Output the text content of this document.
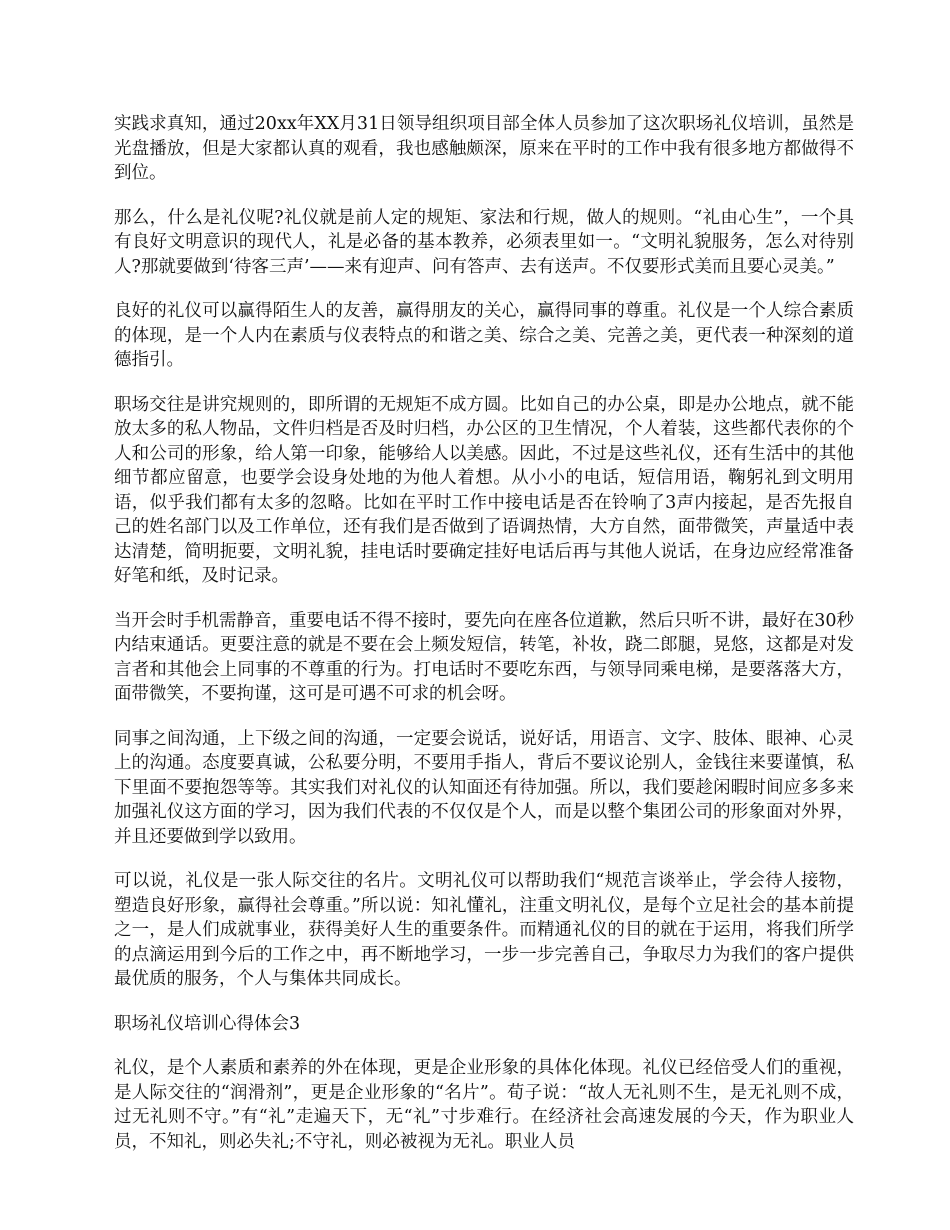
实践求真知，通过20xx年XX月31日领导组织项目部全体人员参加了这次职场礼仪培训，虽然是光盘播放，但是大家都认真的观看，我也感触颇深，原来在平时的工作中我有很多地方都做得不到位。

那么，什么是礼仪呢?礼仪就是前人定的规矩、家法和行规，做人的规则。“礼由心生”，一个具有良好文明意识的现代人，礼是必备的基本教养，必须表里如一。“文明礼貌服务，怎么对待别人?那就要做到‘待客三声’——来有迎声、问有答声、去有送声。不仅要形式美而且要心灵美。”

良好的礼仪可以赢得陌生人的友善，赢得朋友的关心，赢得同事的尊重。礼仪是一个人综合素质的体现，是一个人内在素质与仪表特点的和谐之美、综合之美、完善之美，更代表一种深刻的道德指引。

职场交往是讲究规则的，即所谓的无规矩不成方圆。比如自己的办公桌，即是办公地点，就不能放太多的私人物品，文件归档是否及时归档，办公区的卫生情况，个人着装，这些都代表你的个人和公司的形象，给人第一印象，能够给人以美感。因此，不过是这些礼仪，还有生活中的其他细节都应留意，也要学会设身处地的为他人着想。从小小的电话，短信用语，鞠躬礼到文明用语，似乎我们都有太多的忽略。比如在平时工作中接电话是否在铃响了3声内接起，是否先报自己的姓名部门以及工作单位，还有我们是否做到了语调热情，大方自然，面带微笑，声量适中表达清楚，简明扼要，文明礼貌，挂电话时要确定挂好电话后再与其他人说话，在身边应经常准备好笔和纸，及时记录。

当开会时手机需静音，重要电话不得不接时，要先向在座各位道歉，然后只听不讲，最好在30秒内结束通话。更要注意的就是不要在会上频发短信，转笔，补妆，跷二郎腿，晃悠，这都是对发言者和其他会上同事的不尊重的行为。打电话时不要吃东西，与领导同乘电梯，是要落落大方，面带微笑，不要拘谨，这可是可遇不可求的机会呀。

同事之间沟通，上下级之间的沟通，一定要会说话，说好话，用语言、文字、肢体、眼神、心灵上的沟通。态度要真诚，公私要分明，不要用手指人，背后不要议论别人，金钱往来要谨慎，私下里面不要抱怨等等。其实我们对礼仪的认知面还有待加强。所以，我们要趁闲暇时间应多多来加强礼仪这方面的学习，因为我们代表的不仅仅是个人，而是以整个集团公司的形象面对外界，并且还要做到学以致用。

可以说，礼仪是一张人际交往的名片。文明礼仪可以帮助我们“规范言谈举止，学会待人接物，塑造良好形象，赢得社会尊重。”所以说：知礼懂礼，注重文明礼仪，是每个立足社会的基本前提之一，是人们成就事业，获得美好人生的重要条件。而精通礼仪的目的就在于运用，将我们所学的点滴运用到今后的工作之中，再不断地学习，一步一步完善自己，争取尽力为我们的客户提供最优质的服务，个人与集体共同成长。

职场礼仪培训心得体会3

礼仪，是个人素质和素养的外在体现，更是企业形象的具体化体现。礼仪已经倍受人们的重视，是人际交往的“润滑剂”，更是企业形象的“名片”。荀子说：“故人无礼则不生，是无礼则不成，过无礼则不守。”有“礼”走遍天下，无“礼”寸步难行。在经济社会高速发展的今天，作为职业人员，不知礼，则必失礼;不守礼，则必被视为无礼。职业人员
